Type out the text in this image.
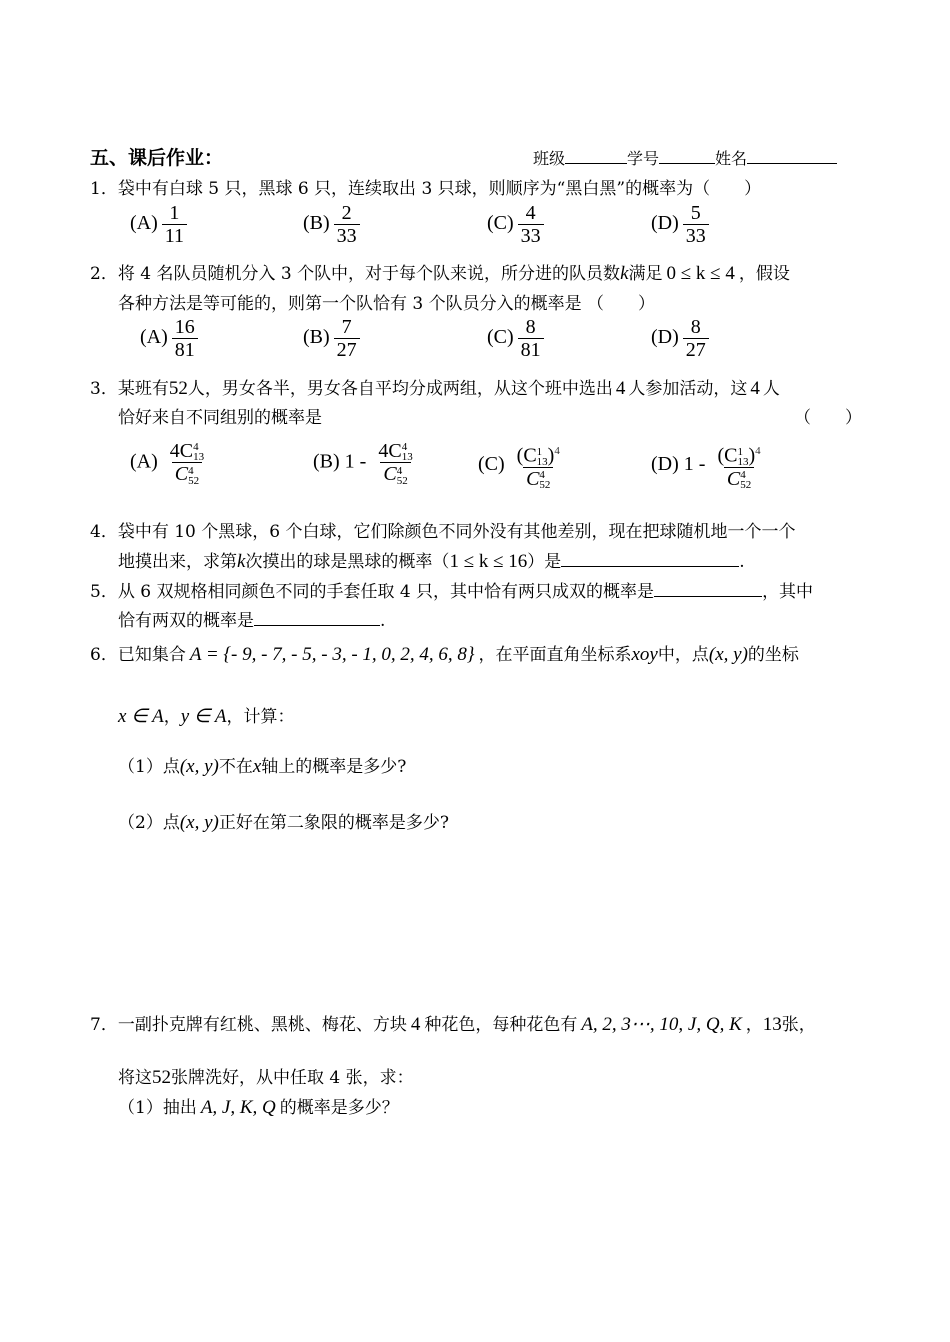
五、课后作业：	班级	学号	姓名
1．袋中有白球 5 只，黑球 6 只，连续取出 3 只球，则顺序为“黑白黑”的概率为（　　）
$(A) \frac{1}{11}$	$(B) \frac{2}{33}$	$(C) \frac{4}{33}$	$(D) \frac{5}{33}$
2．将 4 名队员随机分入 3 个队中，对于每个队来说，所分进的队员数k满足 0 ≤ k ≤ 4 ，假设
各种方法是等可能的，则第一个队恰有 3 个队员分入的概率是 （　　）
$(A) \frac{16}{81}$	$(B) \frac{7}{27}$	$(C) \frac{8}{81}$	$(D) \frac{8}{27}$
3．某班有52人，男女各半，男女各自平均分成两组，从这个班中选出 4 人参加活动，这 4 人
恰好来自不同组别的概率是	（　　）
(A) 4C 4
13
C 4
52	(B) 1 - 4C 4
13
C 4
52	(C) (C 1
13 )$^4$
C 4
52	(D) 1 - (C 1
13 )$^4$
C 4
52
4．袋中有 10 个黑球，6 个白球，它们除颜色不同外没有其他差别，现在把球随机地一个一个
地摸出来，求第k次摸出的球是黑球的概率（1 ≤ k ≤ 16）是	.
5．从 6 双规格相同颜色不同的手套任取 4 只，其中恰有两只成双的概率是	，其中
恰有两双的概率是	.
6．已知集合 A = {- 9, - 7, - 5, - 3, - 1, 0, 2, 4, 6, 8} ，在平面直角坐标系xoy中，点(x, y)的坐标
x ∈ A，y ∈ A，计算：
（1）点(x, y)不在x轴上的概率是多少?
（2）点(x, y)正好在第二象限的概率是多少?
7．一副扑克牌有红桃、黑桃、梅花、方块 4 种花色，每种花色有 A, 2, 3⋯, 10, J, Q, K ，13张，
将这52张牌洗好，从中任取 4 张，求：
（1）抽出 A, J, K, Q 的概率是多少？
